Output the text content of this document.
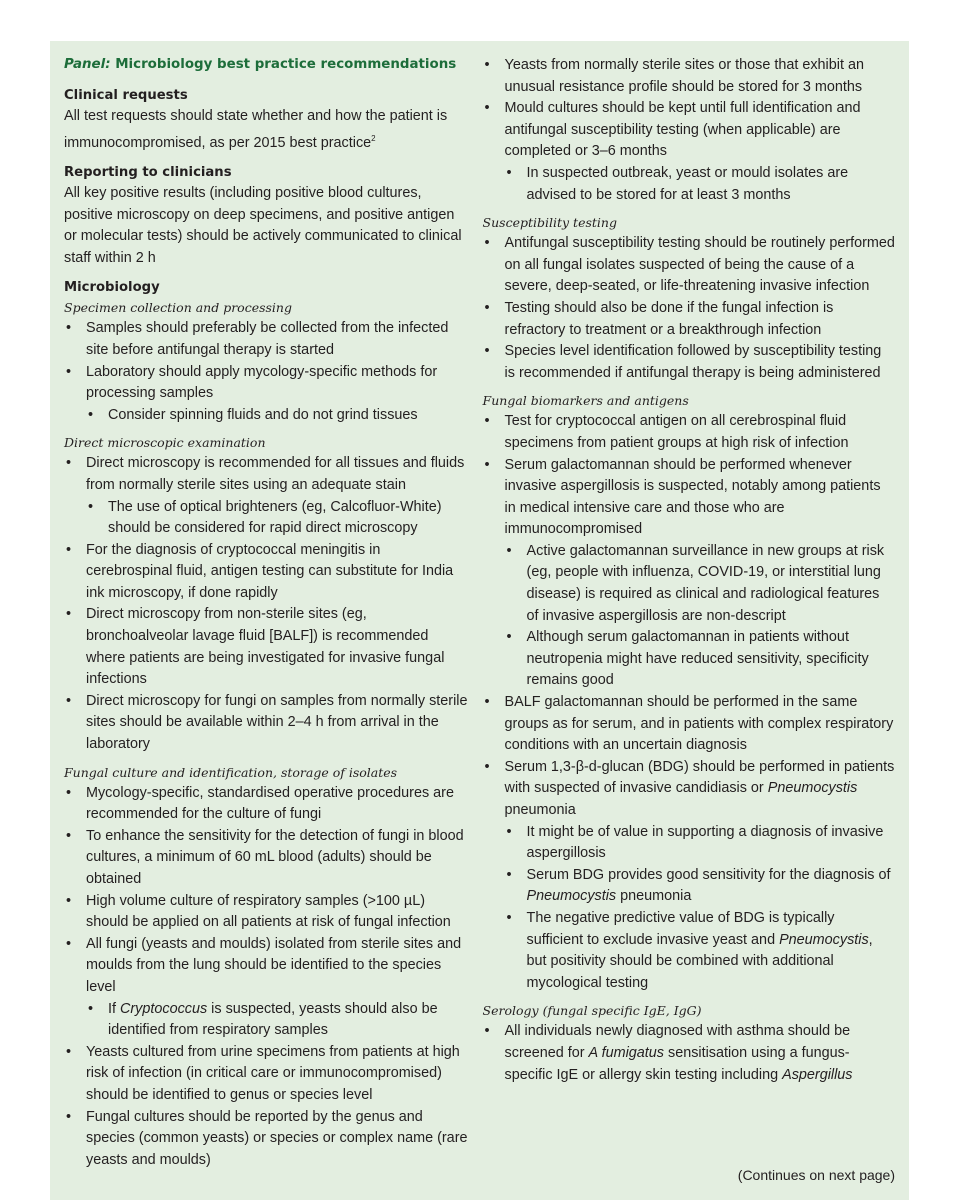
Panel: Microbiology best practice recommendations
Clinical requests
All test requests should state whether and how the patient is immunocompromised, as per 2015 best practice$^2$
Reporting to clinicians
All key positive results (including positive blood cultures, positive microscopy on deep specimens, and positive antigen or molecular tests) should be actively communicated to clinical staff within 2 h
Microbiology
Specimen collection and processing
• Samples should preferably be collected from the infected site before antifungal therapy is started
• Laboratory should apply mycology-specific methods for processing samples
• Consider spinning fluids and do not grind tissues
Direct microscopic examination
• Direct microscopy is recommended for all tissues and fluids from normally sterile sites using an adequate stain
• The use of optical brighteners (eg, Calcofluor-White) should be considered for rapid direct microscopy
• For the diagnosis of cryptococcal meningitis in cerebrospinal fluid, antigen testing can substitute for India ink microscopy, if done rapidly
• Direct microscopy from non-sterile sites (eg, bronchoalveolar lavage fluid [BALF]) is recommended where patients are being investigated for invasive fungal infections
• Direct microscopy for fungi on samples from normally sterile sites should be available within 2–4 h from arrival in the laboratory
Fungal culture and identification, storage of isolates
• Mycology-specific, standardised operative procedures are recommended for the culture of fungi
• To enhance the sensitivity for the detection of fungi in blood cultures, a minimum of 60 mL blood (adults) should be obtained
• High volume culture of respiratory samples (>100 µL) should be applied on all patients at risk of fungal infection
• All fungi (yeasts and moulds) isolated from sterile sites and moulds from the lung should be identified to the species level
• If Cryptococcus is suspected, yeasts should also be identified from respiratory samples
• Yeasts cultured from urine specimens from patients at high risk of infection (in critical care or immunocompromised) should be identified to genus or species level
• Fungal cultures should be reported by the genus and species (common yeasts) or species or complex name (rare yeasts and moulds)
• Yeasts from normally sterile sites or those that exhibit an unusual resistance profile should be stored for 3 months
• Mould cultures should be kept until full identification and antifungal susceptibility testing (when applicable) are completed or 3–6 months
• In suspected outbreak, yeast or mould isolates are advised to be stored for at least 3 months
Susceptibility testing
• Antifungal susceptibility testing should be routinely performed on all fungal isolates suspected of being the cause of a severe, deep-seated, or life-threatening invasive infection
• Testing should also be done if the fungal infection is refractory to treatment or a breakthrough infection
• Species level identification followed by susceptibility testing is recommended if antifungal therapy is being administered
Fungal biomarkers and antigens
• Test for cryptococcal antigen on all cerebrospinal fluid specimens from patient groups at high risk of infection
• Serum galactomannan should be performed whenever invasive aspergillosis is suspected, notably among patients in medical intensive care and those who are immunocompromised
• Active galactomannan surveillance in new groups at risk (eg, people with influenza, COVID-19, or interstitial lung disease) is required as clinical and radiological features of invasive aspergillosis are non-descript
• Although serum galactomannan in patients without neutropenia might have reduced sensitivity, specificity remains good
• BALF galactomannan should be performed in the same groups as for serum, and in patients with complex respiratory conditions with an uncertain diagnosis
• Serum 1,3-β-d-glucan (BDG) should be performed in patients with suspected of invasive candidiasis or Pneumocystis pneumonia
• It might be of value in supporting a diagnosis of invasive aspergillosis
• Serum BDG provides good sensitivity for the diagnosis of Pneumocystis pneumonia
• The negative predictive value of BDG is typically sufficient to exclude invasive yeast and Pneumocystis, but positivity should be combined with additional mycological testing
Serology (fungal specific IgE, IgG)
• All individuals newly diagnosed with asthma should be screened for A fumigatus sensitisation using a fungus-specific IgE or allergy skin testing including Aspergillus
(Continues on next page)
